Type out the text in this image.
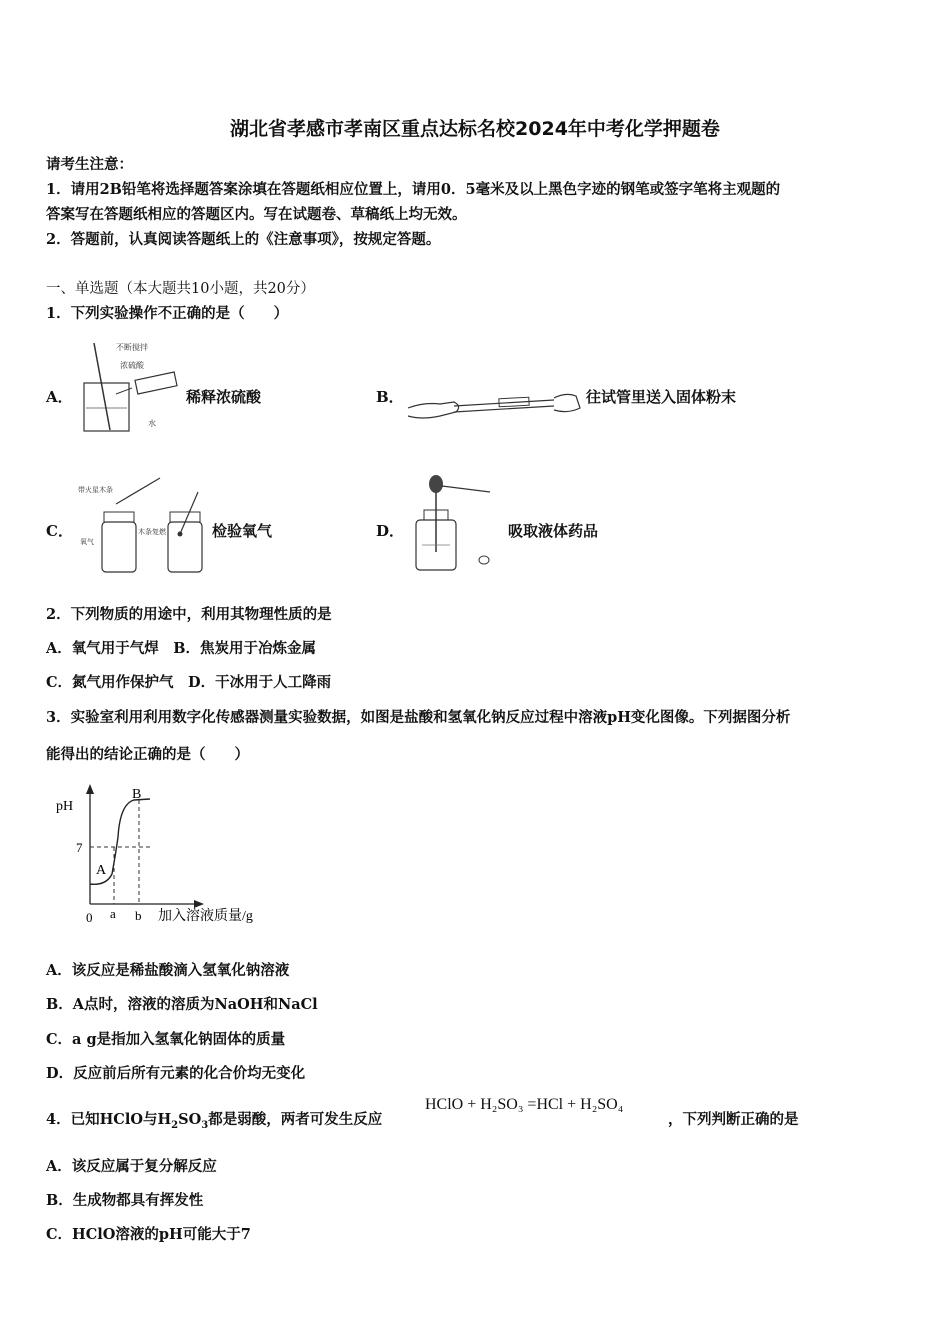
湖北省孝感市孝南区重点达标名校2024年中考化学押题卷
请考生注意：
1．请用2B铅笔将选择题答案涂填在答题纸相应位置上，请用0．5毫米及以上黑色字迹的钢笔或签字笔将主观题的
答案写在答题纸相应的答题区内。写在试题卷、草稿纸上均无效。
2．答题前，认真阅读答题纸上的《注意事项》，按规定答题。
一、单选题（本大题共10小题，共20分）
1．下列实验操作不正确的是（　　）
A．
不断搅拌
浓硫酸
水
稀释浓硫酸	B．	往试管里送入固体粉末
C．
带火星木条
氧气
木条复燃	检验氧气	D．	吸取液体药品
2．下列物质的用途中，利用其物理性质的是
A．氧气用于气焊　B．焦炭用于冶炼金属
C．氮气用作保护气　D．干冰用于人工降雨
3．实验室利用利用数字化传感器测量实验数据，如图是盐酸和氢氧化钠反应过程中溶液pH变化图像。下列据图分析
能得出的结论正确的是（　　）
pH
7
A
B
0 a b 加入溶液质量/g
A．该反应是稀盐酸滴入氢氧化钠溶液
B．A点时，溶液的溶质为NaOH和NaCl
C．a g是指加入氢氧化钠固体的质量
D．反应前后所有元素的化合价均无变化
4．已知HClO与$H_2SO_3$都是弱酸，两者可发生反应
HClO + H₂SO₃ =HCl + H₂SO₄
，下列判断正确的是
A．该反应属于复分解反应
B．生成物都具有挥发性
C．HClO溶液的pH可能大于7
